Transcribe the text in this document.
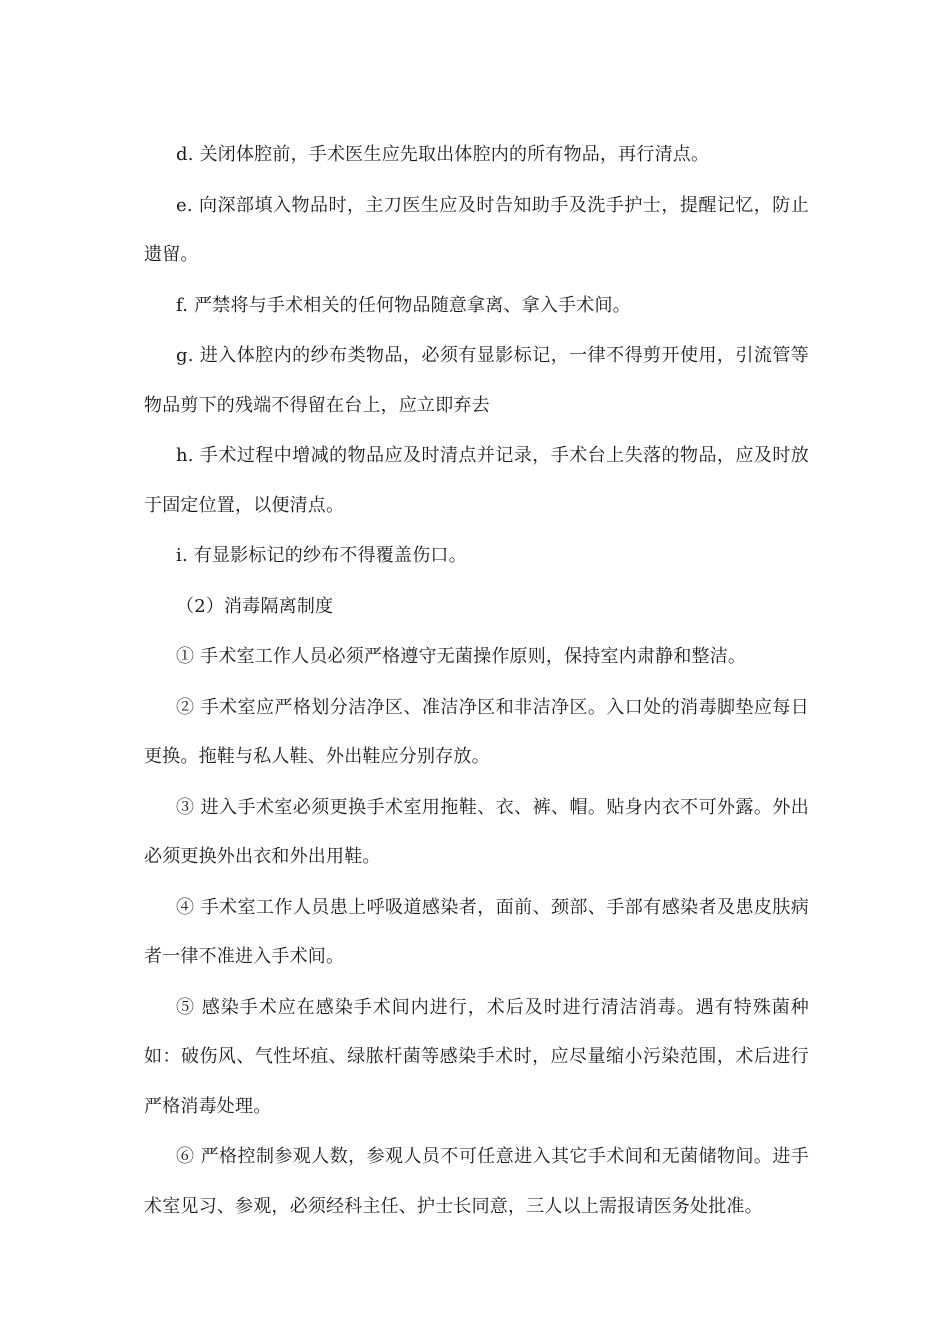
d. 关闭体腔前，手术医生应先取出体腔内的所有物品，再行清点。

e. 向深部填入物品时，主刀医生应及时告知助手及洗手护士，提醒记忆，防止遗留。

f. 严禁将与手术相关的任何物品随意拿离、拿入手术间。

g. 进入体腔内的纱布类物品，必须有显影标记，一律不得剪开使用，引流管等物品剪下的残端不得留在台上，应立即弃去

h. 手术过程中增减的物品应及时清点并记录，手术台上失落的物品，应及时放于固定位置，以便清点。

i. 有显影标记的纱布不得覆盖伤口。

（2）消毒隔离制度

① 手术室工作人员必须严格遵守无菌操作原则，保持室内肃静和整洁。

② 手术室应严格划分洁净区、准洁净区和非洁净区。入口处的消毒脚垫应每日更换。拖鞋与私人鞋、外出鞋应分别存放。

③ 进入手术室必须更换手术室用拖鞋、衣、裤、帽。贴身内衣不可外露。外出必须更换外出衣和外出用鞋。

④ 手术室工作人员患上呼吸道感染者，面前、颈部、手部有感染者及患皮肤病者一律不准进入手术间。

⑤ 感染手术应在感染手术间内进行，术后及时进行清洁消毒。遇有特殊菌种如：破伤风、气性坏疽、绿脓杆菌等感染手术时，应尽量缩小污染范围，术后进行严格消毒处理。

⑥ 严格控制参观人数，参观人员不可任意进入其它手术间和无菌储物间。进手术室见习、参观，必须经科主任、护士长同意，三人以上需报请医务处批准。
